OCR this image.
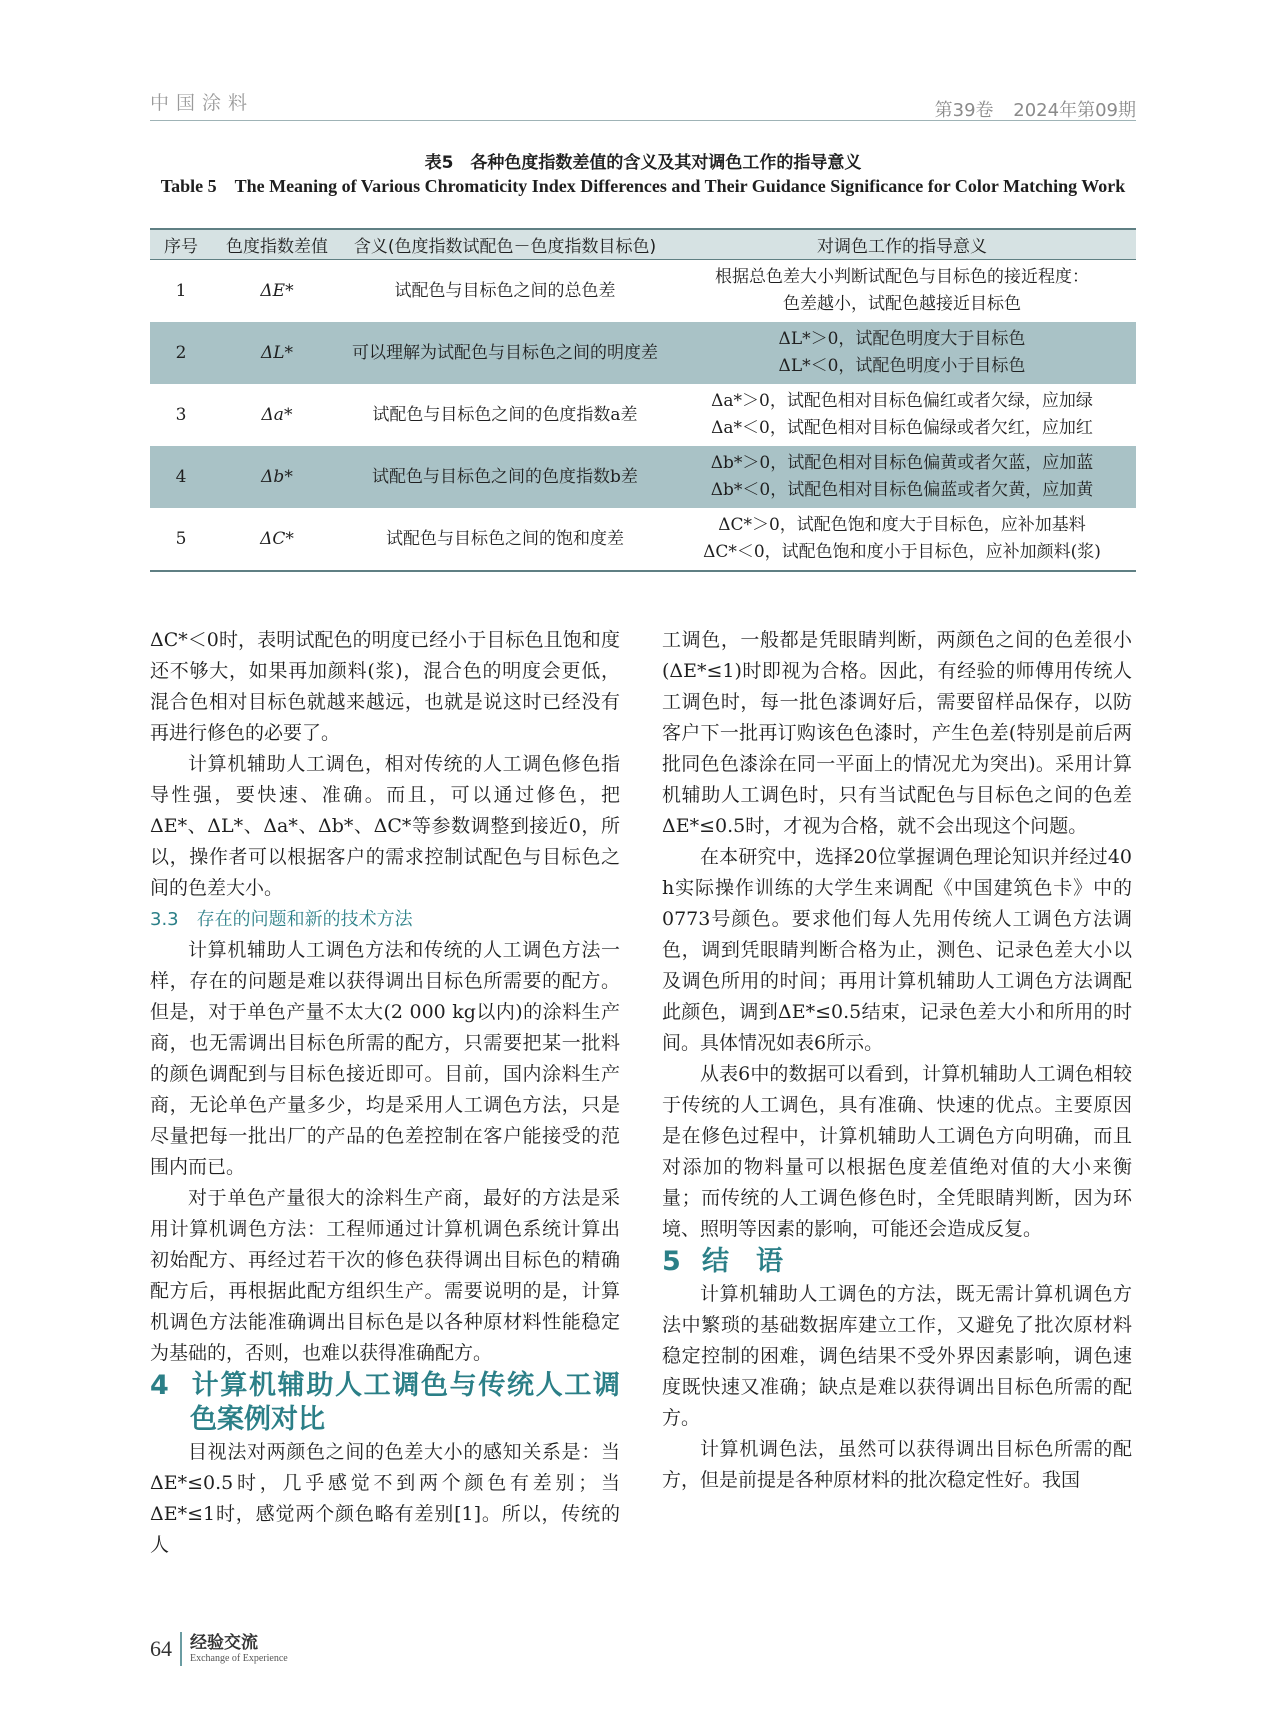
中国涂料	第39卷 2024年第09期
表5　各种色度指数差值的含义及其对调色工作的指导意义
Table 5　The Meaning of Various Chromaticity Index Differences and Their Guidance Significance for Color Matching Work
序号	色度指数差值	含义(色度指数试配色－色度指数目标色)	对调色工作的指导意义
1	ΔE*	试配色与目标色之间的总色差	根据总色差大小判断试配色与目标色的接近程度：
色差越小，试配色越接近目标色

2	ΔL*	可以理解为试配色与目标色之间的明度差	ΔL*＞0，试配色明度大于目标色
ΔL*＜0，试配色明度小于目标色

3	Δa*	试配色与目标色之间的色度指数a差	Δa*＞0，试配色相对目标色偏红或者欠绿，应加绿
Δa*＜0，试配色相对目标色偏绿或者欠红，应加红

4	Δb*	试配色与目标色之间的色度指数b差	Δb*＞0，试配色相对目标色偏黄或者欠蓝，应加蓝
Δb*＜0，试配色相对目标色偏蓝或者欠黄，应加黄

5	ΔC*	试配色与目标色之间的饱和度差	ΔC*＞0，试配色饱和度大于目标色，应补加基料
ΔC*＜0，试配色饱和度小于目标色，应补加颜料(浆)

ΔC*＜0时，表明试配色的明度已经小于目标色且饱和度还不够大，如果再加颜料(浆)，混合色的明度会更低，混合色相对目标色就越来越远，也就是说这时已经没有再进行修色的必要了。

计算机辅助人工调色，相对传统的人工调色修色指导性强，要快速、准确。而且，可以通过修色，把ΔE*、ΔL*、Δa*、Δb*、ΔC*等参数调整到接近0，所以，操作者可以根据客户的需求控制试配色与目标色之间的色差大小。

3.3　存在的问题和新的技术方法

计算机辅助人工调色方法和传统的人工调色方法一样，存在的问题是难以获得调出目标色所需要的配方。但是，对于单色产量不太大(2 000 kg以内)的涂料生产商，也无需调出目标色所需的配方，只需要把某一批料的颜色调配到与目标色接近即可。目前，国内涂料生产商，无论单色产量多少，均是采用人工调色方法，只是尽量把每一批出厂的产品的色差控制在客户能接受的范围内而已。

对于单色产量很大的涂料生产商，最好的方法是采用计算机调色方法：工程师通过计算机调色系统计算出初始配方、再经过若干次的修色获得调出目标色的精确配方后，再根据此配方组织生产。需要说明的是，计算机调色方法能准确调出目标色是以各种原材料性能稳定为基础的，否则，也难以获得准确配方。

4 计算机辅助人工调色与传统人工调色案例对比

目视法对两颜色之间的色差大小的感知关系是：当ΔE*≤0.5时，几乎感觉不到两个颜色有差别；当ΔE*≤1时，感觉两个颜色略有差别[1]。所以，传统的人

工调色，一般都是凭眼睛判断，两颜色之间的色差很小(ΔE*≤1)时即视为合格。因此，有经验的师傅用传统人工调色时，每一批色漆调好后，需要留样品保存，以防客户下一批再订购该色色漆时，产生色差(特别是前后两批同色色漆涂在同一平面上的情况尤为突出)。采用计算机辅助人工调色时，只有当试配色与目标色之间的色差ΔE*≤0.5时，才视为合格，就不会出现这个问题。

在本研究中，选择20位掌握调色理论知识并经过40 h实际操作训练的大学生来调配《中国建筑色卡》中的0773号颜色。要求他们每人先用传统人工调色方法调色，调到凭眼睛判断合格为止，测色、记录色差大小以及调色所用的时间；再用计算机辅助人工调色方法调配此颜色，调到ΔE*≤0.5结束，记录色差大小和所用的时间。具体情况如表6所示。

从表6中的数据可以看到，计算机辅助人工调色相较于传统的人工调色，具有准确、快速的优点。主要原因是在修色过程中，计算机辅助人工调色方向明确，而且对添加的物料量可以根据色度差值绝对值的大小来衡量；而传统的人工调色修色时，全凭眼睛判断，因为环境、照明等因素的影响，可能还会造成反复。

5 结　语

计算机辅助人工调色的方法，既无需计算机调色方法中繁琐的基础数据库建立工作，又避免了批次原材料稳定控制的困难，调色结果不受外界因素影响，调色速度既快速又准确；缺点是难以获得调出目标色所需的配方。

计算机调色法，虽然可以获得调出目标色所需的配方，但是前提是各种原材料的批次稳定性好。我国

64 经验交流
Exchange of Experience
